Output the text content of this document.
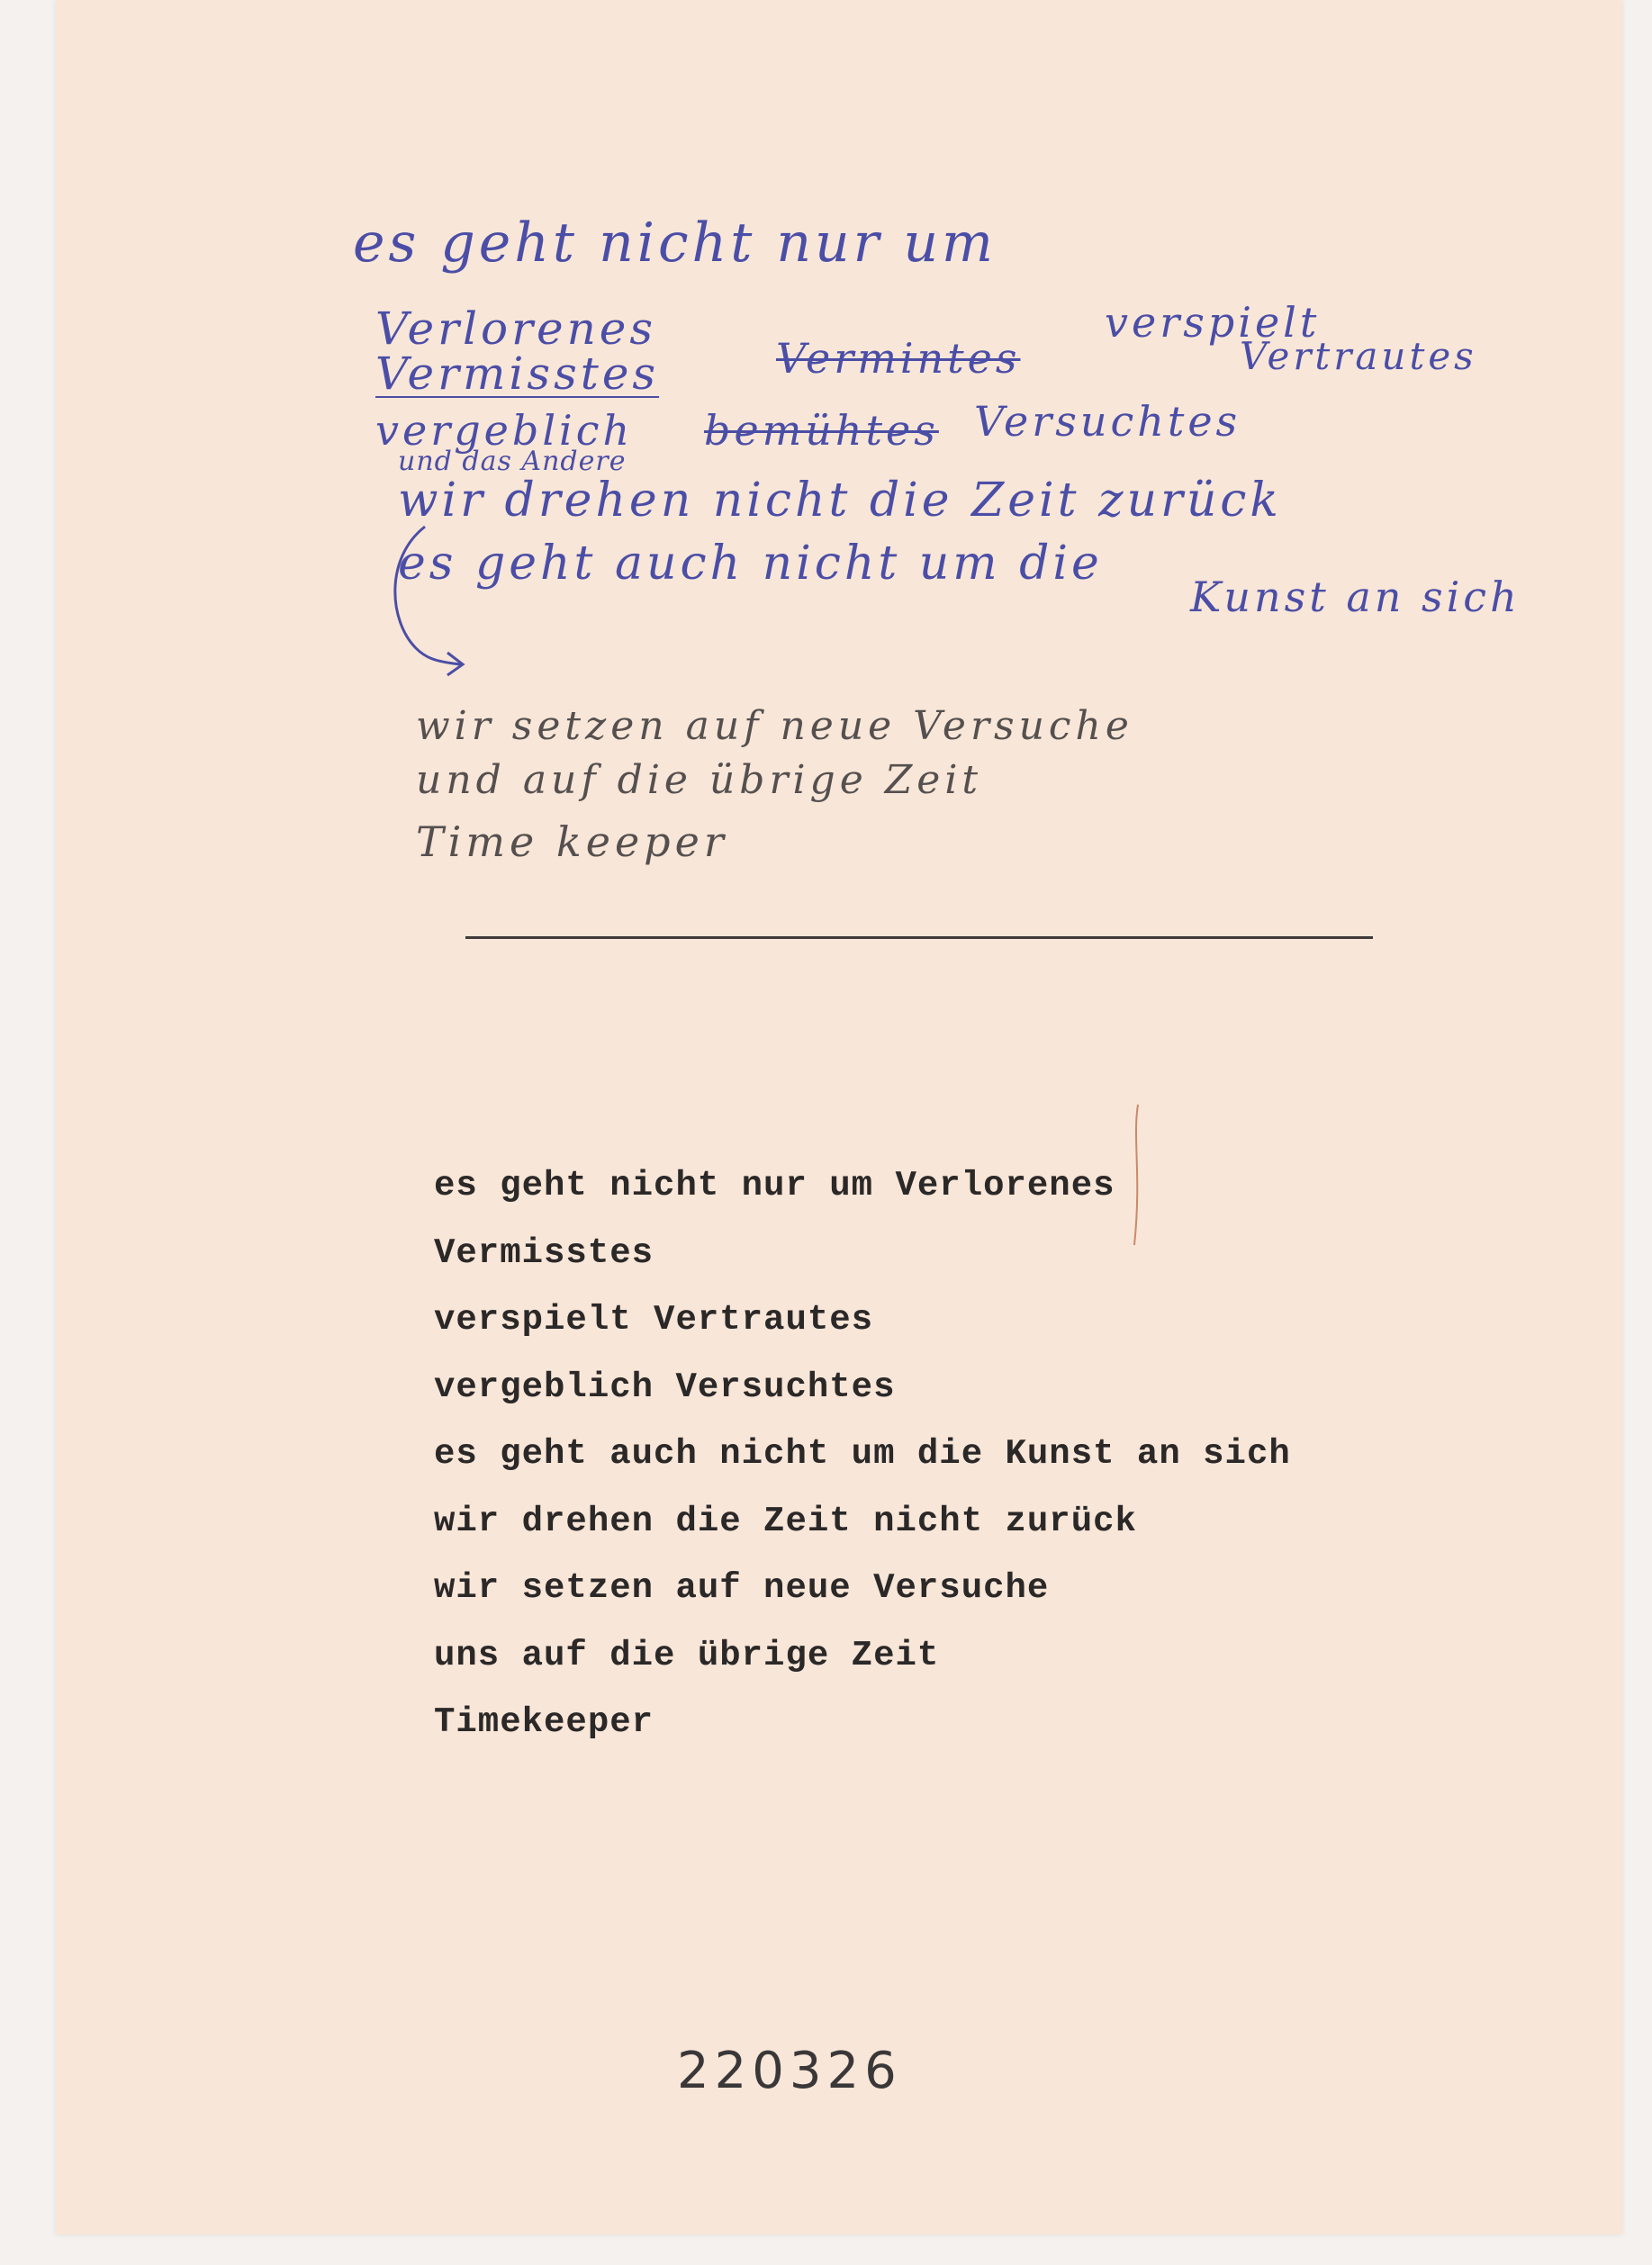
es geht nicht nur um
Verlorenes	verspielt
Vertrautes
Vermisstes	Vermintes
vergeblich bemühtes Versuchtes
und das Andere
wir drehen nicht die Zeit zurück
es geht auch nicht um die
Kunst an sich
wir setzen auf neue Versuche
und auf die übrige Zeit
Time keeper
es geht nicht nur um Verlorenes
Vermisstes
verspielt Vertrautes
vergeblich Versuchtes
es geht auch nicht um die Kunst an sich
wir drehen die Zeit nicht zurück
wir setzen auf neue Versuche
uns auf die übrige Zeit
Timekeeper
220326
